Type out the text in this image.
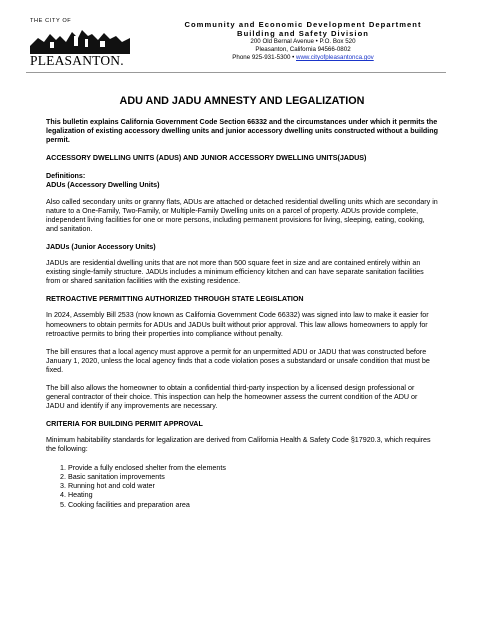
THE CITY OF
PLEASANTON.
Community and Economic Development Department
Building and Safety Division
200 Old Bernal Avenue • P.O. Box 520
Pleasanton, California 94566-0802
Phone 925-931-5300 • www.cityofpleasantonca.gov
ADU AND JADU AMNESTY AND LEGALIZATION

This bulletin explains California Government Code Section 66332 and the circumstances under which it permits the legalization of existing accessory dwelling units and junior accessory dwelling units constructed without a building permit.

ACCESSORY DWELLING UNITS (ADUS) AND JUNIOR ACCESSORY DWELLING UNITS(JADUS)
Definitions:
ADUs (Accessory Dwelling Units)

Also called secondary units or granny flats, ADUs are attached or detached residential dwelling units which are secondary in nature to a One-Family, Two-Family, or Multiple-Family Dwelling units on a parcel of property. ADUs provide complete, independent living facilities for one or more persons, including permanent provisions for living, sleeping, eating, cooking, and sanitation.

JADUs (Junior Accessory Units)

JADUs are residential dwelling units that are not more than 500 square feet in size and are contained entirely within an existing single-family structure. JADUs includes a minimum efficiency kitchen and can have separate sanitation facilities from or shared sanitation facilities with the existing residence.

RETROACTIVE PERMITTING AUTHORIZED THROUGH STATE LEGISLATION

In 2024, Assembly Bill 2533 (now known as California Government Code 66332) was signed into law to make it easier for homeowners to obtain permits for ADUs and JADUs built without prior approval. This law allows homeowners to apply for retroactive permits to bring their properties into compliance without penalty.

The bill ensures that a local agency must approve a permit for an unpermitted ADU or JADU that was constructed before January 1, 2020, unless the local agency finds that a code violation poses a substandard or unsafe condition that must be fixed.

The bill also allows the homeowner to obtain a confidential third-party inspection by a licensed design professional or general contractor of their choice. This inspection can help the homeowner assess the current condition of the ADU or JADU and identify if any improvements are necessary.

CRITERIA FOR BUILDING PERMIT APPROVAL

Minimum habitability standards for legalization are derived from California Health & Safety Code §17920.3, which requires the following:

1. Provide a fully enclosed shelter from the elements
2. Basic sanitation improvements
3. Running hot and cold water
4. Heating
5. Cooking facilities and preparation area
